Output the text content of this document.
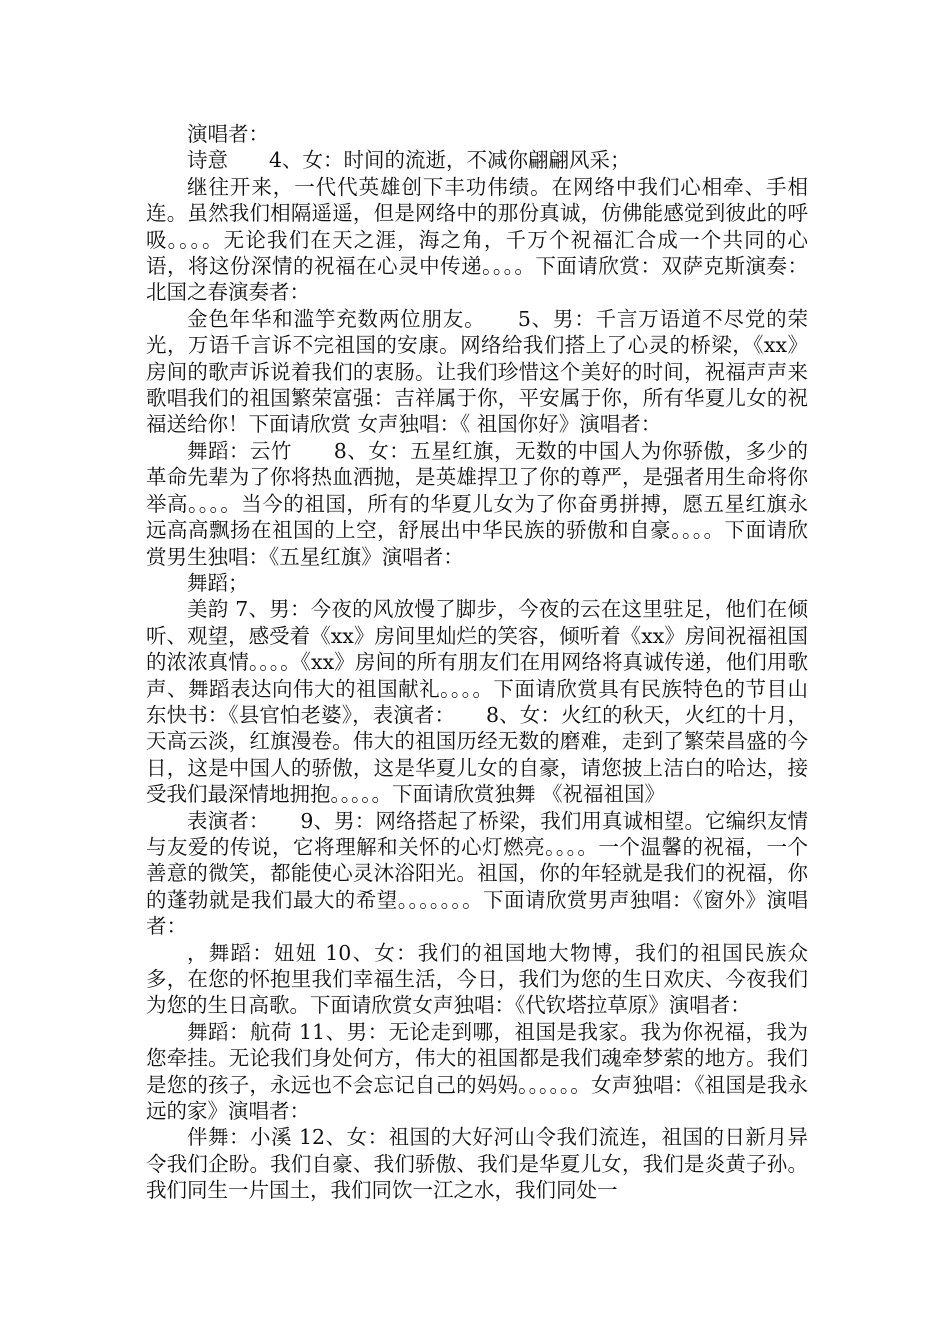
演唱者：

诗意　　4、女：时间的流逝，不减你翩翩风采；

继往开来，一代代英雄创下丰功伟绩。在网络中我们心相牵、手相连。虽然我们相隔遥遥，但是网络中的那份真诚，仿佛能感觉到彼此的呼吸。。。。无论我们在天之涯，海之角，千万个祝福汇合成一个共同的心语，将这份深情的祝福在心灵中传递。。。。下面请欣赏：双萨克斯演奏：北国之春演奏者：

金色年华和滥竽充数两位朋友。　　5、男：千言万语道不尽党的荣光，万语千言诉不完祖国的安康。网络给我们搭上了心灵的桥梁，《xx》房间的歌声诉说着我们的衷肠。让我们珍惜这个美好的时间，祝福声声来歌唱我们的祖国繁荣富强：吉祥属于你，平安属于你，所有华夏儿女的祝福送给你！下面请欣赏 女声独唱：《 祖国你好》演唱者：

舞蹈：云竹　　8、女：五星红旗，无数的中国人为你骄傲，多少的革命先辈为了你将热血洒抛，是英雄捍卫了你的尊严，是强者用生命将你举高。。。。当今的祖国，所有的华夏儿女为了你奋勇拼搏，愿五星红旗永远高高飘扬在祖国的上空，舒展出中华民族的骄傲和自豪。。。。下面请欣赏男生独唱：《五星红旗》演唱者：

舞蹈；

美韵 7、男：今夜的风放慢了脚步，今夜的云在这里驻足，他们在倾听、观望，感受着《xx》房间里灿烂的笑容，倾听着《xx》房间祝福祖国的浓浓真情。。。。《xx》房间的所有朋友们在用网络将真诚传递，他们用歌声、舞蹈表达向伟大的祖国献礼。。。。下面请欣赏具有民族特色的节目山东快书：《县官怕老婆》，表演者：　　8、女：火红的秋天，火红的十月，天高云淡，红旗漫卷。伟大的祖国历经无数的磨难，走到了繁荣昌盛的今日，这是中国人的骄傲，这是华夏儿女的自豪，请您披上洁白的哈达，接受我们最深情地拥抱。。。。。下面请欣赏独舞 《祝福祖国》

表演者：　　9、男：网络搭起了桥梁，我们用真诚相望。它编织友情与友爱的传说，它将理解和关怀的心灯燃亮。。。。一个温馨的祝福，一个善意的微笑，都能使心灵沐浴阳光。祖国，你的年轻就是我们的祝福，你的蓬勃就是我们最大的希望。。。。。。。下面请欣赏男声独唱：《窗外》演唱者：

，舞蹈：妞妞 10、女：我们的祖国地大物博，我们的祖国民族众多，在您的怀抱里我们幸福生活，今日，我们为您的生日欢庆、今夜我们为您的生日高歌。下面请欣赏女声独唱：《代钦塔拉草原》演唱者：

舞蹈：航荷 11、男：无论走到哪，祖国是我家。我为你祝福，我为您牵挂。无论我们身处何方，伟大的祖国都是我们魂牵梦萦的地方。我们是您的孩子，永远也不会忘记自己的妈妈。。。。。。女声独唱：《祖国是我永远的家》演唱者：

伴舞：小溪 12、女：祖国的大好河山令我们流连，祖国的日新月异令我们企盼。我们自豪、我们骄傲、我们是华夏儿女，我们是炎黄子孙。我们同生一片国土，我们同饮一江之水，我们同处一
